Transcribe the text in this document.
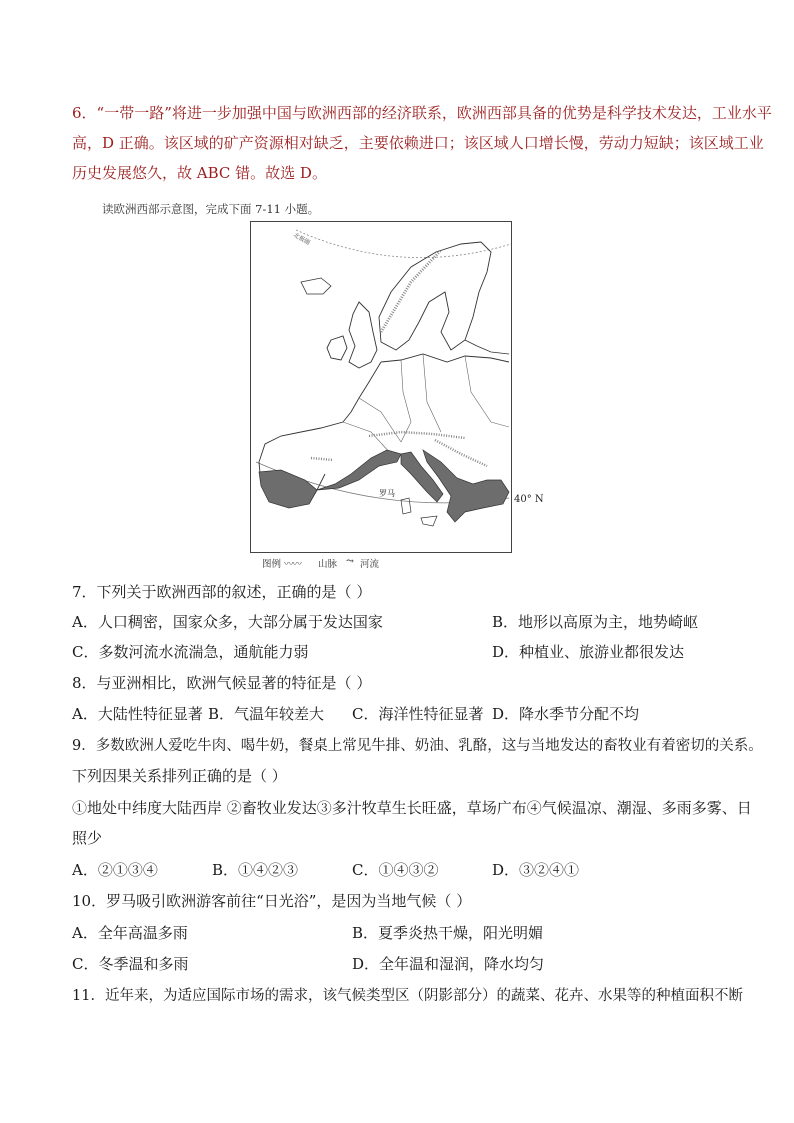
6．“一带一路”将进一步加强中国与欧洲西部的经济联系，欧洲西部具备的优势是科学技术发达，工业水平
高，D 正确。该区域的矿产资源相对缺乏，主要依赖进口；该区域人口增长慢，劳动力短缺；该区域工业
历史发展悠久，故 ABC 错。故选 D。
读欧洲西部示意图，完成下面 7-11 小题。
北极圈
罗马
40° N
图例 〰〰 山脉 ⤳ 河流
7．下列关于欧洲西部的叙述，正确的是（ ）
A．人口稠密，国家众多，大部分属于发达国家	B．地形以高原为主，地势崎岖
C．多数河流水流湍急，通航能力弱	D．种植业、旅游业都很发达
8．与亚洲相比，欧洲气候显著的特征是（ ）
A．大陆性特征显著 B．气温年较差大 C．海洋性特征显著 D．降水季节分配不均
9．多数欧洲人爱吃牛肉、喝牛奶，餐桌上常见牛排、奶油、乳酪，这与当地发达的畜牧业有着密切的关系。
下列因果关系排列正确的是（ ）
①地处中纬度大陆西岸 ②畜牧业发达③多汁牧草生长旺盛，草场广布④气候温凉、潮湿、多雨多雾、日
照少
A．②①③④	B．①④②③	C．①④③②	D．③②④①
10．罗马吸引欧洲游客前往“日光浴”，是因为当地气候（ ）
A．全年高温多雨	B．夏季炎热干燥，阳光明媚
C．冬季温和多雨	D．全年温和湿润，降水均匀
11．近年来，为适应国际市场的需求，该气候类型区（阴影部分）的蔬菜、花卉、水果等的种植面积不断
